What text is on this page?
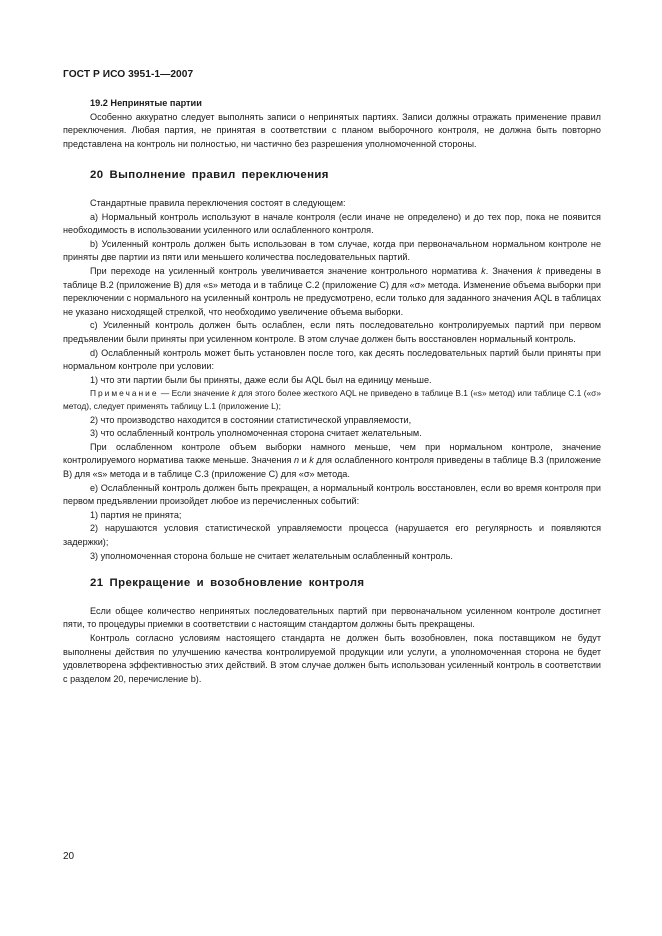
ГОСТ Р ИСО 3951-1—2007

19.2 Непринятые партии

Особенно аккуратно следует выполнять записи о непринятых партиях. Записи должны отражать применение правил переключения. Любая партия, не принятая в соответствии с планом выборочного контроля, не должна быть повторно представлена на контроль ни полностью, ни частично без разрешения уполномоченной стороны.

20 Выполнение правил переключения

Стандартные правила переключения состоят в следующем:

а) Нормальный контроль используют в начале контроля (если иначе не определено) и до тех пор, пока не появится необходимость в использовании усиленного или ослабленного контроля.

b) Усиленный контроль должен быть использован в том случае, когда при первоначальном нормальном контроле не приняты две партии из пяти или меньшего количества последовательных партий.

При переходе на усиленный контроль увеличивается значение контрольного норматива k. Значения k приведены в таблице В.2 (приложение В) для «s» метода и в таблице С.2 (приложение С) для «σ» метода. Изменение объема выборки при переключении с нормального на усиленный контроль не предусмотрено, если только для заданного значения AQL в таблицах не указано нисходящей стрелкой, что необходимо увеличение объема выборки.

с) Усиленный контроль должен быть ослаблен, если пять последовательно контролируемых партий при первом предъявлении были приняты при усиленном контроле. В этом случае должен быть восстановлен нормальный контроль.

d) Ослабленный контроль может быть установлен после того, как десять последовательных партий были приняты при нормальном контроле при условии:

1) что эти партии были бы приняты, даже если бы AQL был на единицу меньше.

Примечание — Если значение k для этого более жесткого AQL не приведено в таблице В.1 («s» метод) или таблице С.1 («σ» метод), следует применять таблицу L.1 (приложение L);

2) что производство находится в состоянии статистической управляемости,

3) что ослабленный контроль уполномоченная сторона считает желательным.

При ослабленном контроле объем выборки намного меньше, чем при нормальном контроле, значение контролируемого норматива также меньше. Значения n и k для ослабленного контроля приведены в таблице В.3 (приложение В) для «s» метода и в таблице С.3 (приложение С) для «σ» метода.

е) Ослабленный контроль должен быть прекращен, а нормальный контроль восстановлен, если во время контроля при первом предъявлении произойдет любое из перечисленных событий:

1) партия не принята;

2) нарушаются условия статистической управляемости процесса (нарушается его регулярность и появляются задержки);

3) уполномоченная сторона больше не считает желательным ослабленный контроль.

21 Прекращение и возобновление контроля

Если общее количество непринятых последовательных партий при первоначальном усиленном контроле достигнет пяти, то процедуры приемки в соответствии с настоящим стандартом должны быть прекращены.

Контроль согласно условиям настоящего стандарта не должен быть возобновлен, пока поставщиком не будут выполнены действия по улучшению качества контролируемой продукции или услуги, а уполномоченная сторона не будет удовлетворена эффективностью этих действий. В этом случае должен быть использован усиленный контроль в соответствии с разделом 20, перечисление b).

20
